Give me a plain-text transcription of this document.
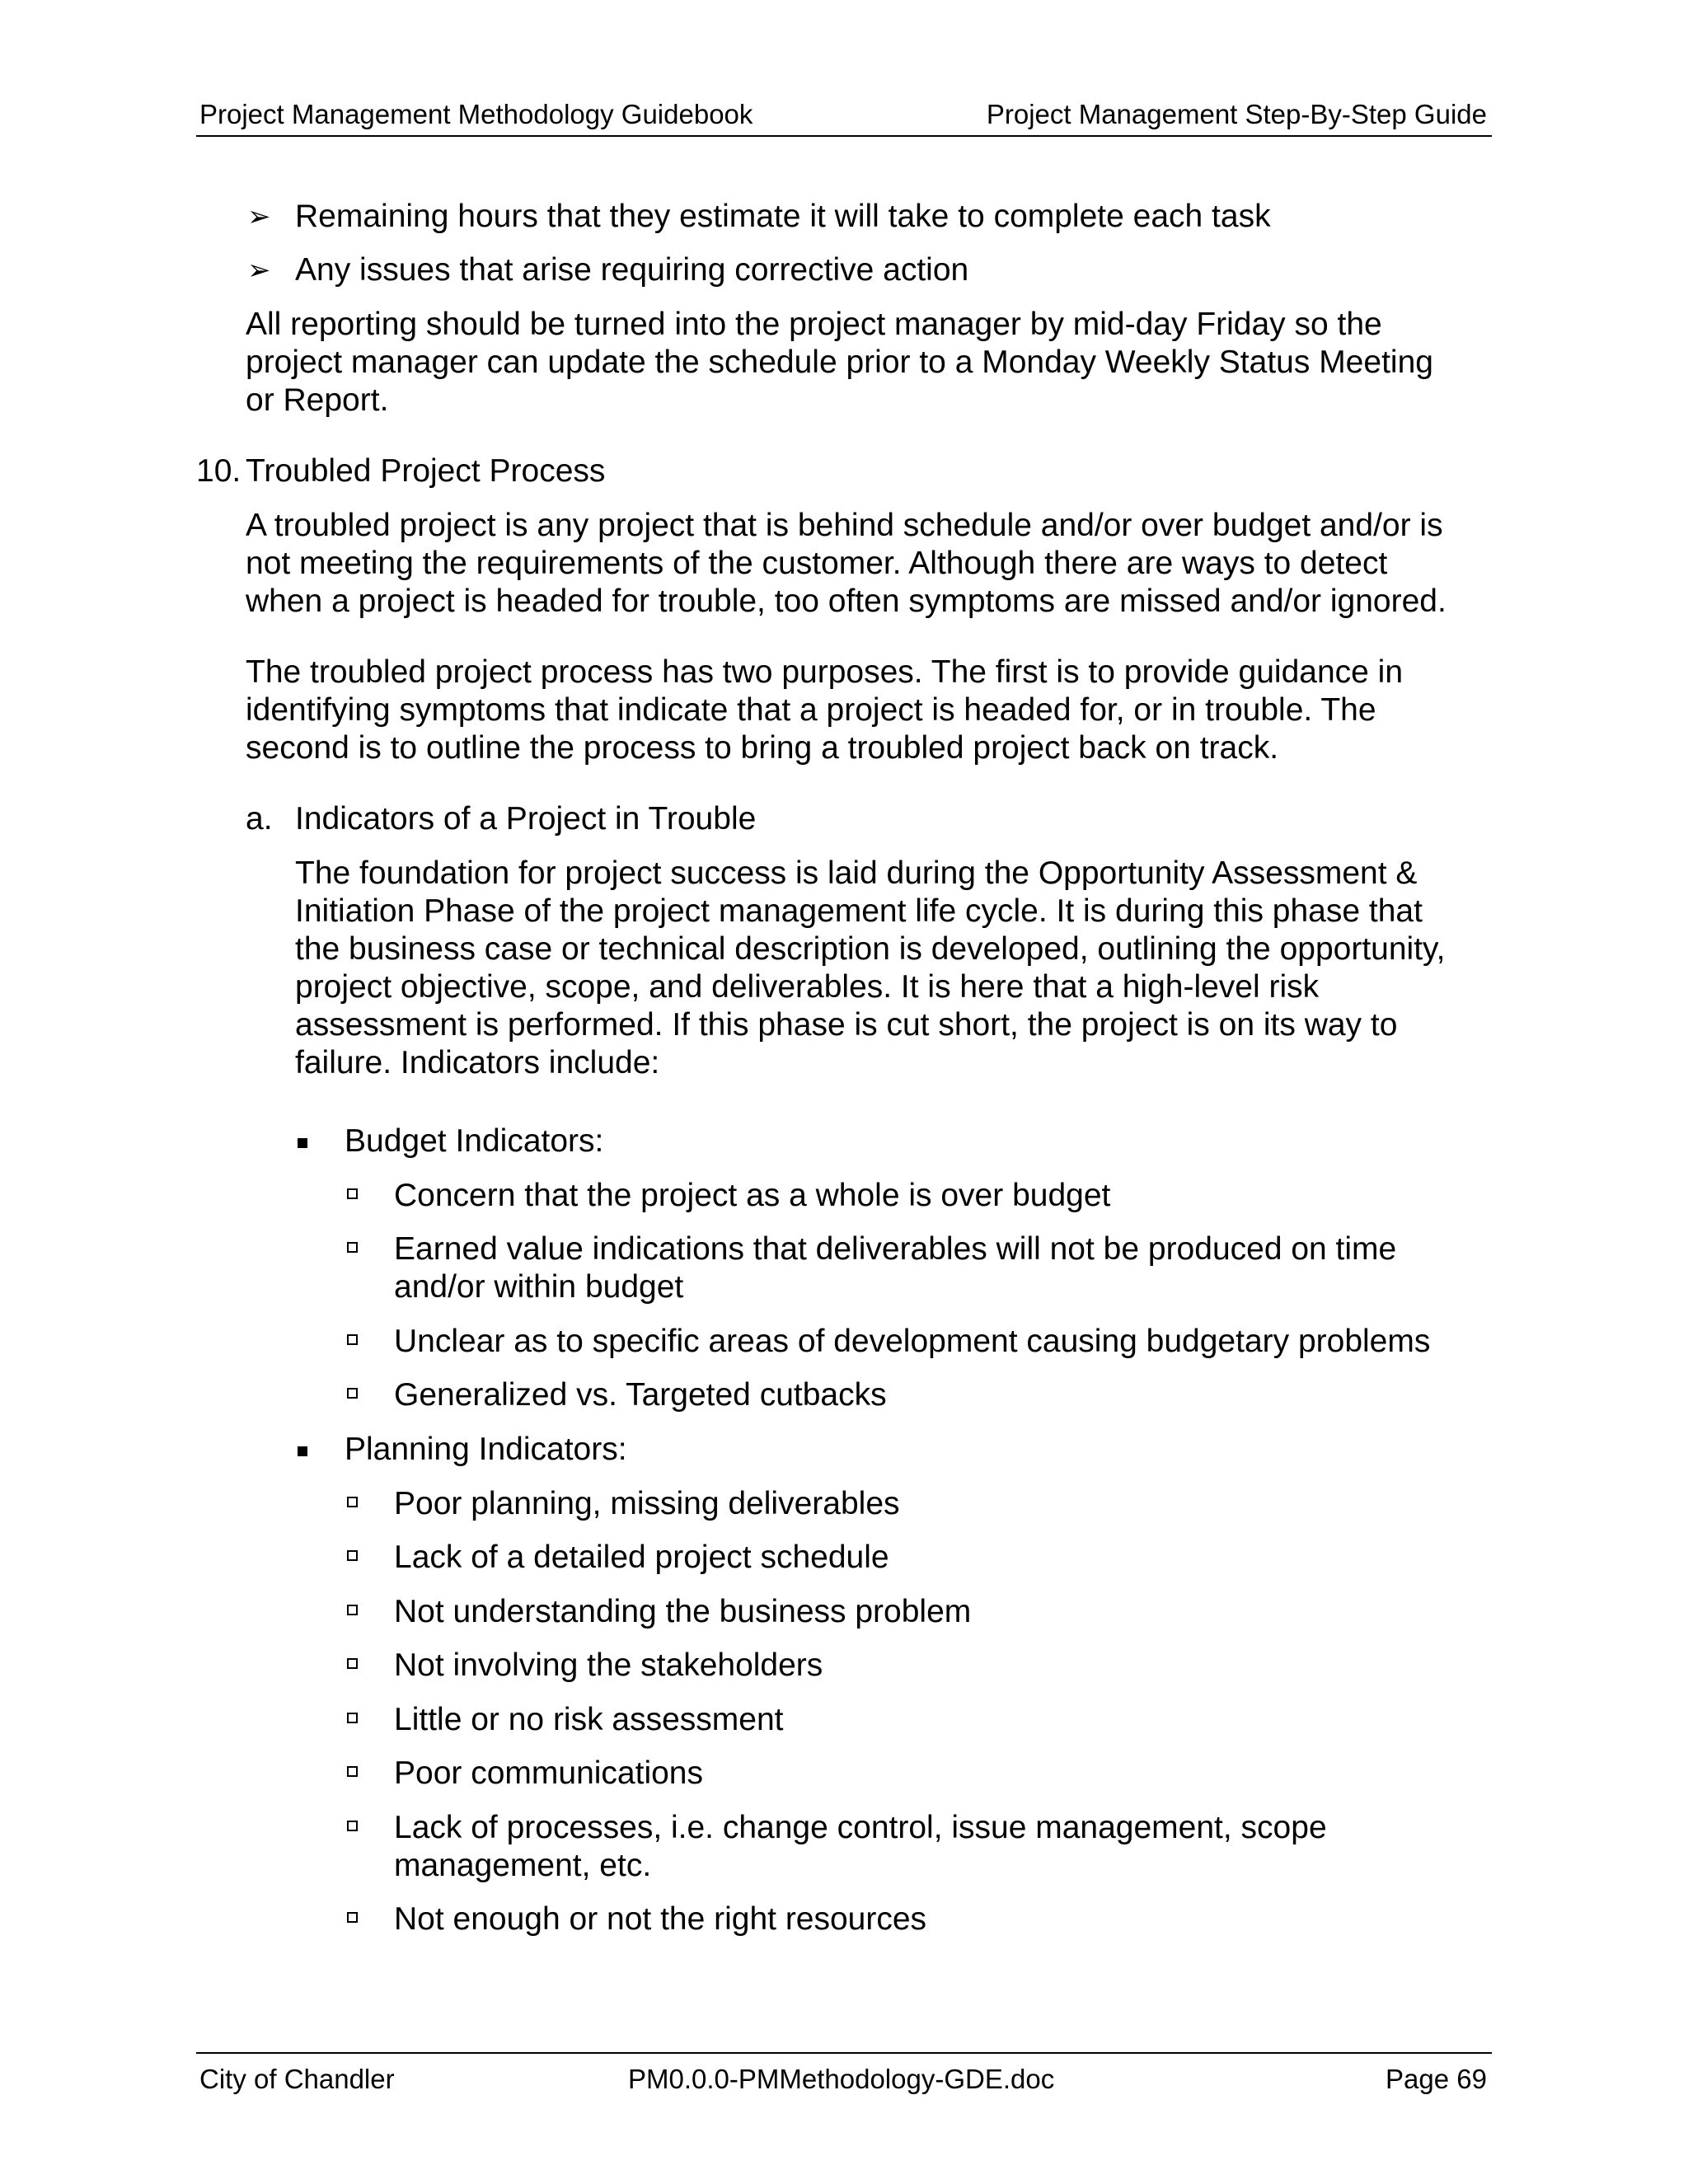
Project Management Methodology Guidebook	Project Management Step-By-Step Guide
➢ Remaining hours that they estimate it will take to complete each task
➢ Any issues that arise requiring corrective action
All reporting should be turned into the project manager by mid-day Friday so the
project manager can update the schedule prior to a Monday Weekly Status Meeting
or Report.
10. Troubled Project Process
A troubled project is any project that is behind schedule and/or over budget and/or is
not meeting the requirements of the customer. Although there are ways to detect
when a project is headed for trouble, too often symptoms are missed and/or ignored.
The troubled project process has two purposes. The first is to provide guidance in
identifying symptoms that indicate that a project is headed for, or in trouble. The
second is to outline the process to bring a troubled project back on track.
a. Indicators of a Project in Trouble
The foundation for project success is laid during the Opportunity Assessment &
Initiation Phase of the project management life cycle. It is during this phase that
the business case or technical description is developed, outlining the opportunity,
project objective, scope, and deliverables. It is here that a high-level risk
assessment is performed. If this phase is cut short, the project is on its way to
failure. Indicators include:
Budget Indicators:
Concern that the project as a whole is over budget
Earned value indications that deliverables will not be produced on time
and/or within budget
Unclear as to specific areas of development causing budgetary problems
Generalized vs. Targeted cutbacks
Planning Indicators:
Poor planning, missing deliverables
Lack of a detailed project schedule
Not understanding the business problem
Not involving the stakeholders
Little or no risk assessment
Poor communications
Lack of processes, i.e. change control, issue management, scope
management, etc.
Not enough or not the right resources
City of Chandler	PM0.0.0-PMMethodology-GDE.doc	Page 69
